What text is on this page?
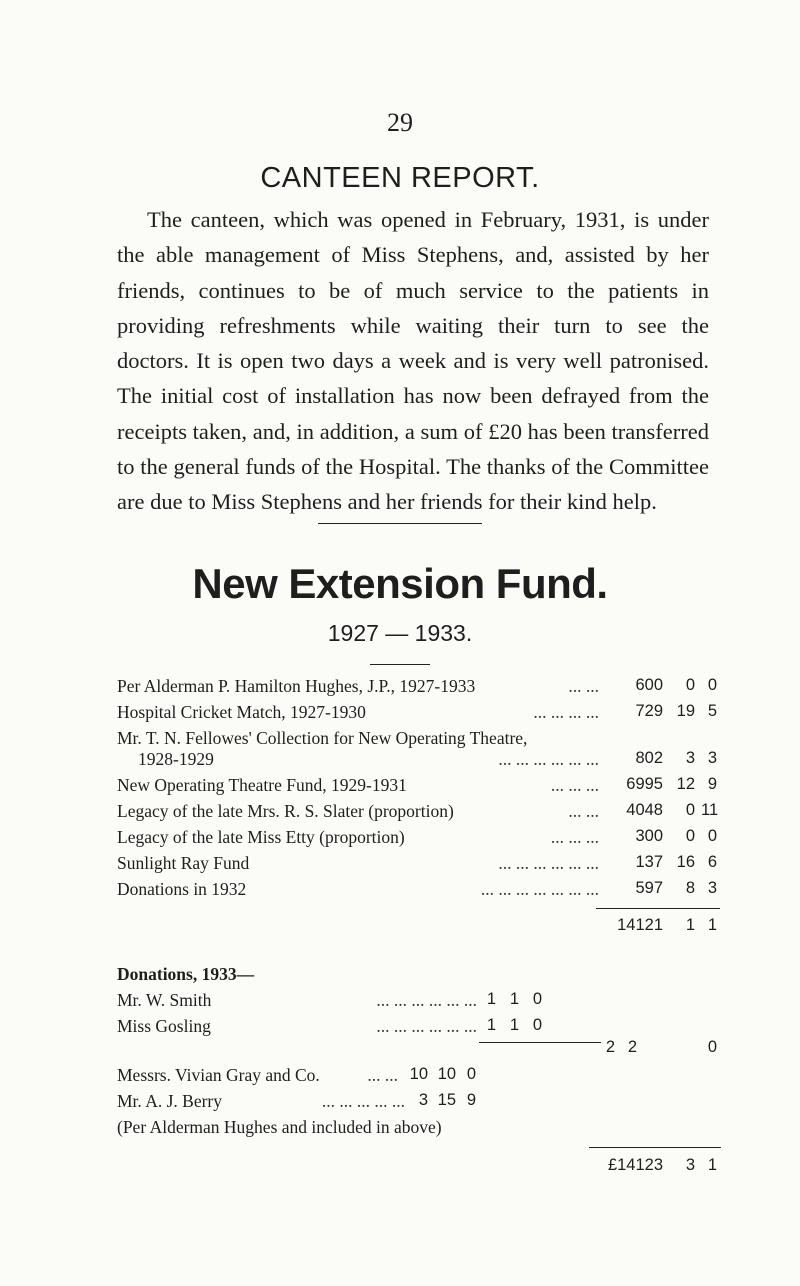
29
CANTEEN REPORT.
The canteen, which was opened in February, 1931, is under the able management of Miss Stephens, and, assisted by her friends, continues to be of much service to the patients in providing refreshments while waiting their turn to see the doctors. It is open two days a week and is very well patronised. The initial cost of installation has now been defrayed from the receipts taken, and, in addition, a sum of £20 has been transferred to the general funds of the Hospital. The thanks of the Committee are due to Miss Stephens and her friends for their kind help.
New Extension Fund.
1927 — 1933.
Per Alderman P. Hamilton Hughes, J.P., 1927-1933	... ...	600	0 0
Hospital Cricket Match, 1927-1930	... ... ... ...	729 19 5
Mr. T. N. Fellowes' Collection for New Operating Theatre,
1928-1929	... ... ... ... ... ...	802	3 3
New Operating Theatre Fund, 1929-1931	... ... ...	6995 12 9
Legacy of the late Mrs. R. S. Slater (proportion)	... ...	4048	0 11
Legacy of the late Miss Etty (proportion)	... ... ...	300	0 0
Sunlight Ray Fund	... ... ... ... ... ...	137 16 6
Donations in 1932	... ... ... ... ... ... ...	597	8 3
14121	1 1
Donations, 1933—
Mr. W. Smith	... ... ... ... ... ... 1 1 0
Miss Gosling	... ... ... ... ... ... 1 1 0
2 2	0
Messrs. Vivian Gray and Co.	... ... 10 10 0
Mr. A. J. Berry	... ... ... ... ... 3 15 9
(Per Alderman Hughes and included in above)
£14123	3 1
